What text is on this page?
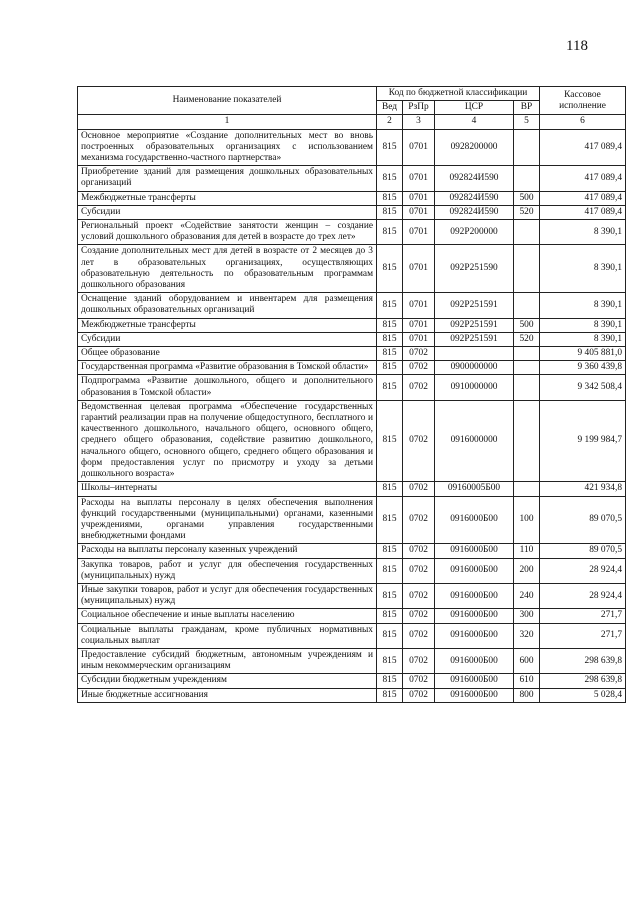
118
Наименование показателей	Код по бюджетной классификации				Кассовое исполнение
	Вед	РзПр	ЦСР	ВР	
1	2	3	4	5	6
Основное мероприятие «Создание дополнительных мест во вновь построенных образовательных организациях с использованием механизма государственно-частного партнерства»	815	0701	0928200000		417 089,4
Приобретение зданий для размещения дошкольных образовательных организаций	815	0701	092824И590		417 089,4
Межбюджетные трансферты	815	0701	092824И590	500	417 089,4
Субсидии	815	0701	092824И590	520	417 089,4
Региональный проект «Содействие занятости женщин – создание условий дошкольного образования для детей в возрасте до трех лет»	815	0701	092P200000		8 390,1
Создание дополнительных мест для детей в возрасте от 2 месяцев до 3 лет в образовательных организациях, осуществляющих образовательную деятельность по образовательным программам дошкольного образования	815	0701	092P251590		8 390,1
Оснащение зданий оборудованием и инвентарем для размещения дошкольных образовательных организаций	815	0701	092P251591		8 390,1
Межбюджетные трансферты	815	0701	092P251591	500	8 390,1
Субсидии	815	0701	092P251591	520	8 390,1
Общее образование	815	0702			9 405 881,0
Государственная программа «Развитие образования в Томской области»	815	0702	0900000000		9 360 439,8
Подпрограмма «Развитие дошкольного, общего и дополнительного образования в Томской области»	815	0702	0910000000		9 342 508,4
Ведомственная целевая программа «Обеспечение государственных гарантий реализации прав на получение общедоступного, бесплатного и качественного дошкольного, начального общего, основного общего, среднего общего образования, содействие развитию дошкольного, начального общего, основного общего, среднего общего образования и форм предоставления услуг по присмотру и уходу за детьми дошкольного возраста»	815	0702	0916000000		9 199 984,7
Школы–интернаты	815	0702	09160005Б00		421 934,8
Расходы на выплаты персоналу в целях обеспечения выполнения функций государственными (муниципальными) органами, казенными учреждениями, органами управления государственными внебюджетными фондами	815	0702	0916000Б00	100	89 070,5
Расходы на выплаты персоналу казенных учреждений	815	0702	0916000Б00	110	89 070,5
Закупка товаров, работ и услуг для обеспечения государственных (муниципальных) нужд	815	0702	0916000Б00	200	28 924,4
Иные закупки товаров, работ и услуг для обеспечения государственных (муниципальных) нужд	815	0702	0916000Б00	240	28 924,4
Социальное обеспечение и иные выплаты населению	815	0702	0916000Б00	300	271,7
Социальные выплаты гражданам, кроме публичных нормативных социальных выплат	815	0702	0916000Б00	320	271,7
Предоставление субсидий бюджетным, автономным учреждениям и иным некоммерческим организациям	815	0702	0916000Б00	600	298 639,8
Субсидии бюджетным учреждениям	815	0702	0916000Б00	610	298 639,8
Иные бюджетные ассигнования	815	0702	0916000Б00	800	5 028,4
